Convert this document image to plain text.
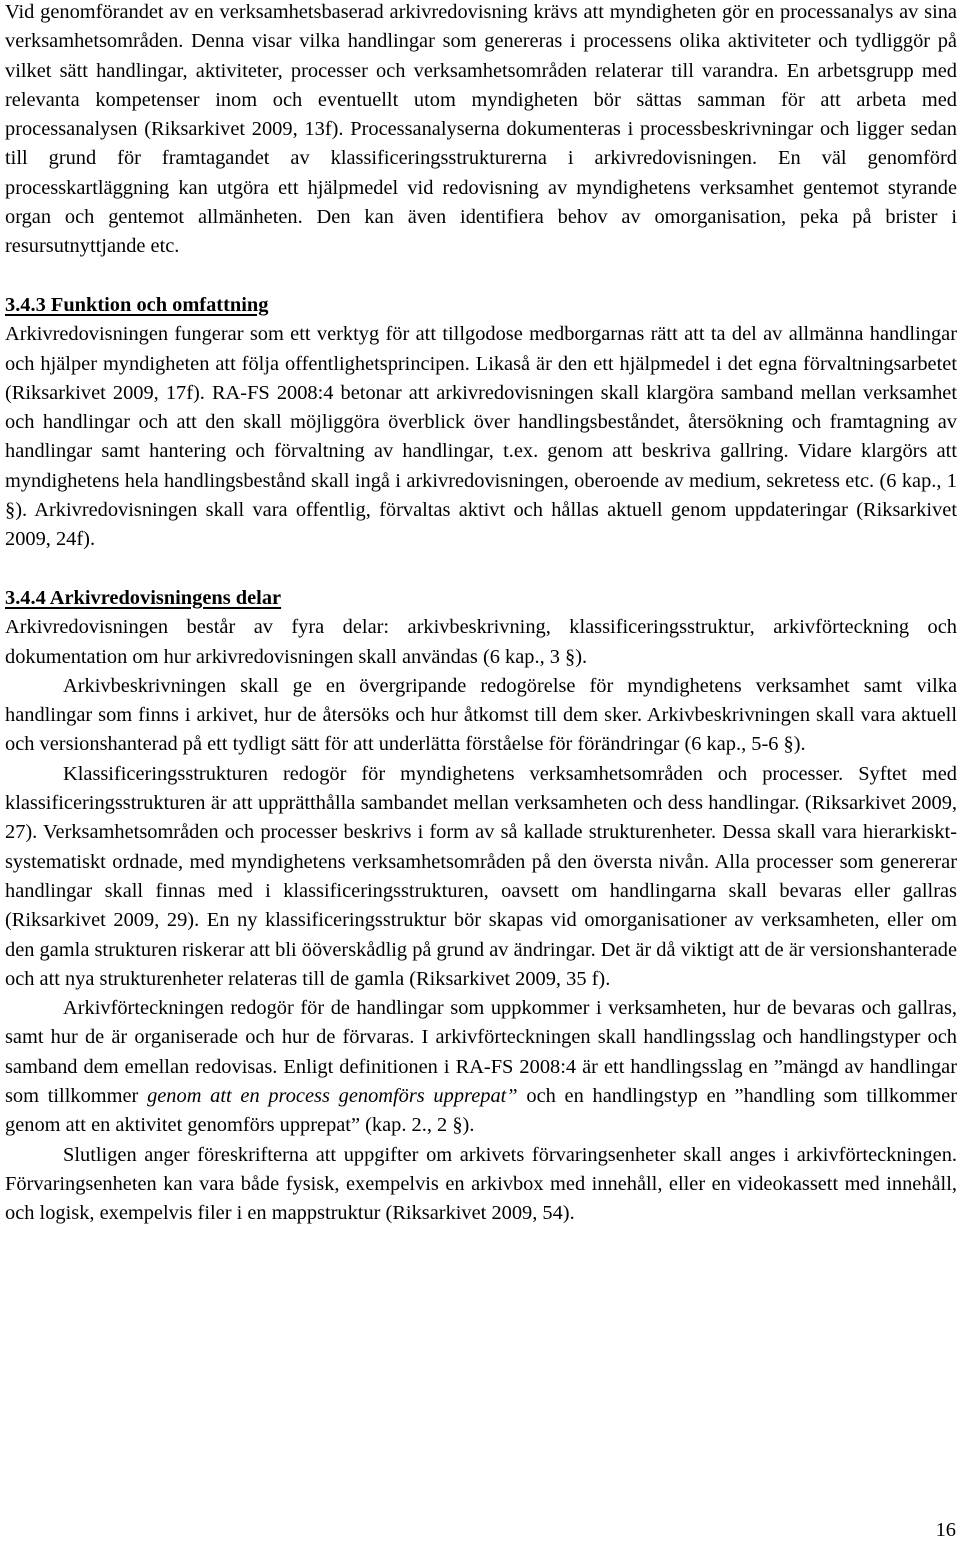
Vid genomförandet av en verksamhetsbaserad arkivredovisning krävs att myndigheten gör en processanalys av sina verksamhetsområden. Denna visar vilka handlingar som genereras i processens olika aktiviteter och tydliggör på vilket sätt handlingar, aktiviteter, processer och verksamhetsområden relaterar till varandra. En arbetsgrupp med relevanta kompetenser inom och eventuellt utom myndigheten bör sättas samman för att arbeta med processanalysen (Riksarkivet 2009, 13f). Processanalyserna dokumenteras i processbeskrivningar och ligger sedan till grund för framtagandet av klassificeringsstrukturerna i arkivredovisningen. En väl genomförd processkartläggning kan utgöra ett hjälpmedel vid redovisning av myndighetens verksamhet gentemot styrande organ och gentemot allmänheten. Den kan även identifiera behov av omorganisation, peka på brister i resursutnyttjande etc.

3.4.3 Funktion och omfattning

Arkivredovisningen fungerar som ett verktyg för att tillgodose medborgarnas rätt att ta del av allmänna handlingar och hjälper myndigheten att följa offentlighetsprincipen. Likaså är den ett hjälpmedel i det egna förvaltningsarbetet (Riksarkivet 2009, 17f). RA-FS 2008:4 betonar att arkivredovisningen skall klargöra samband mellan verksamhet och handlingar och att den skall möjliggöra överblick över handlingsbeståndet, återsökning och framtagning av handlingar samt hantering och förvaltning av handlingar, t.ex. genom att beskriva gallring. Vidare klargörs att myndighetens hela handlingsbestånd skall ingå i arkivredovisningen, oberoende av medium, sekretess etc. (6 kap., 1 §). Arkivredovisningen skall vara offentlig, förvaltas aktivt och hållas aktuell genom uppdateringar (Riksarkivet 2009, 24f).

3.4.4 Arkivredovisningens delar

Arkivredovisningen består av fyra delar: arkivbeskrivning, klassificeringsstruktur, arkivförteckning och dokumentation om hur arkivredovisningen skall användas (6 kap., 3 §).

Arkivbeskrivningen skall ge en övergripande redogörelse för myndighetens verksamhet samt vilka handlingar som finns i arkivet, hur de återsöks och hur åtkomst till dem sker. Arkivbeskrivningen skall vara aktuell och versionshanterad på ett tydligt sätt för att underlätta förståelse för förändringar (6 kap., 5-6 §).

Klassificeringsstrukturen redogör för myndighetens verksamhetsområden och processer. Syftet med klassificeringsstrukturen är att upprätthålla sambandet mellan verksamheten och dess handlingar. (Riksarkivet 2009, 27). Verksamhetsområden och processer beskrivs i form av så kallade strukturenheter. Dessa skall vara hierarkiskt-systematiskt ordnade, med myndighetens verksamhetsområden på den översta nivån. Alla processer som genererar handlingar skall finnas med i klassificeringsstrukturen, oavsett om handlingarna skall bevaras eller gallras (Riksarkivet 2009, 29). En ny klassificeringsstruktur bör skapas vid omorganisationer av verksamheten, eller om den gamla strukturen riskerar att bli ööverskådlig på grund av ändringar. Det är då viktigt att de är versionshanterade och att nya strukturenheter relateras till de gamla (Riksarkivet 2009, 35 f).

Arkivförteckningen redogör för de handlingar som uppkommer i verksamheten, hur de bevaras och gallras, samt hur de är organiserade och hur de förvaras. I arkivförteckningen skall handlingsslag och handlingstyper och samband dem emellan redovisas. Enligt definitionen i RA-FS 2008:4 är ett handlingsslag en ”mängd av handlingar som tillkommer genom att en process genomförs upprepat” och en handlingstyp en ”handling som tillkommer genom att en aktivitet genomförs upprepat” (kap. 2., 2 §).

Slutligen anger föreskrifterna att uppgifter om arkivets förvaringsenheter skall anges i arkivförteckningen. Förvaringsenheten kan vara både fysisk, exempelvis en arkivbox med innehåll, eller en videokassett med innehåll, och logisk, exempelvis filer i en mappstruktur (Riksarkivet 2009, 54).

16
